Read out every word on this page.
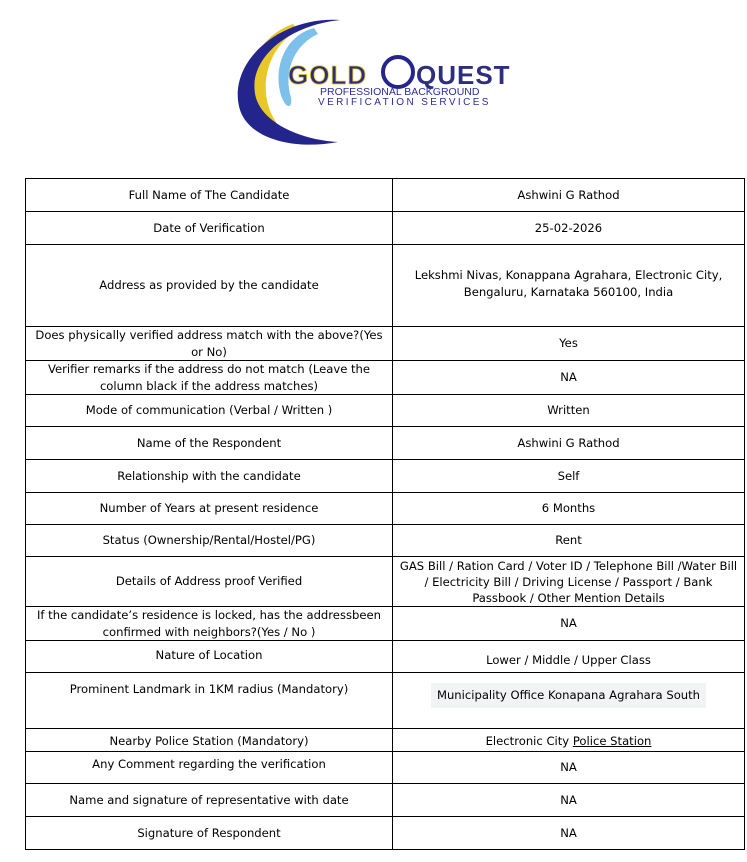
GOLD QUEST
PROFESSIONAL BACKGROUND
VERIFICATION SERVICES
Full Name of The Candidate	Ashwini G Rathod
Date of Verification	25-02-2026
Address as provided by the candidate	Lekshmi Nivas, Konappana Agrahara, Electronic City, Bengaluru, Karnataka 560100, India
Does physically verified address match with the above?(Yes or No)	Yes
Verifier remarks if the address do not match (Leave the column black if the address matches)	NA
Mode of communication (Verbal / Written )	Written
Name of the Respondent	Ashwini G Rathod
Relationship with the candidate	Self
Number of Years at present residence	6 Months
Status (Ownership/Rental/Hostel/PG)	Rent
Details of Address proof Verified	GAS Bill / Ration Card / Voter ID / Telephone Bill /Water Bill / Electricity Bill / Driving License / Passport / Bank Passbook / Other Mention Details
If the candidate’s residence is locked, has the addressbeen confirmed with neighbors?(Yes / No )	NA
Nature of Location	Lower / Middle / Upper Class
Prominent Landmark in 1KM radius (Mandatory)	Municipality Office Konapana Agrahara South
Nearby Police Station (Mandatory)	Electronic City Police Station
Any Comment regarding the verification	NA
Name and signature of representative with date	NA
Signature of Respondent	NA
